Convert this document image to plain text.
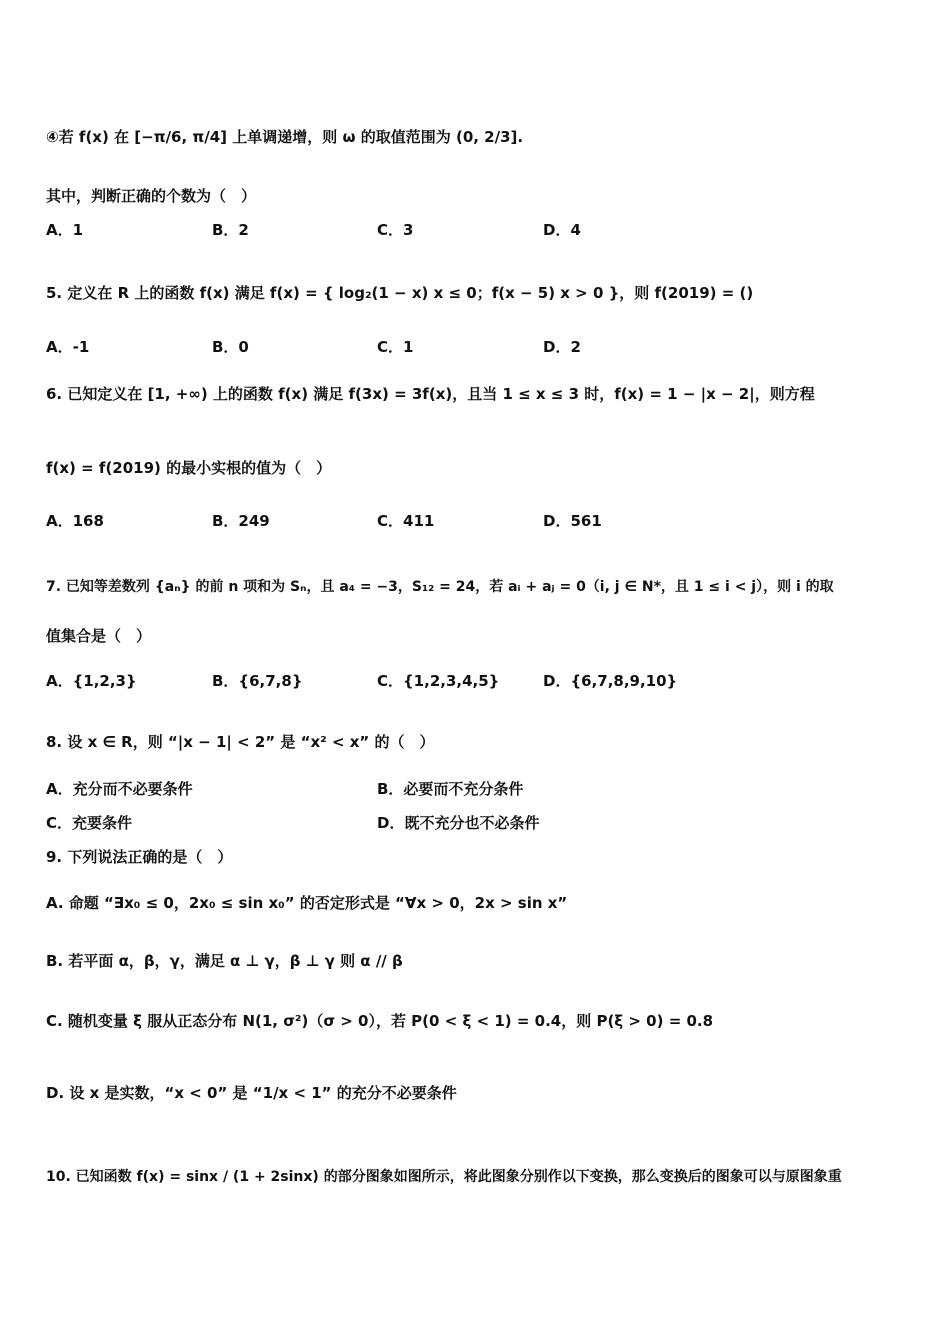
④若 f(x) 在 [−π/6, π/4] 上单调递增，则 ω 的取值范围为 (0, 2/3].
其中，判断正确的个数为（　）
A．1	B．2	C．3	D．4
5. 定义在 R 上的函数 f(x) 满足 f(x) = { log₂(1 − x) x ≤ 0；f(x − 5) x > 0 }，则 f(2019) = ()
A．-1	B．0	C．1	D．2
6. 已知定义在 [1, +∞) 上的函数 f(x) 满足 f(3x) = 3f(x)，且当 1 ≤ x ≤ 3 时，f(x) = 1 − |x − 2|，则方程
f(x) = f(2019) 的最小实根的值为（　）
A．168	B．249	C．411	D．561
7. 已知等差数列 {aₙ} 的前 n 项和为 Sₙ，且 a₄ = −3，S₁₂ = 24，若 aᵢ + aⱼ = 0（i, j ∈ N*，且 1 ≤ i < j），则 i 的取
值集合是（　）
A．{1,2,3}	B．{6,7,8}	C．{1,2,3,4,5}	D．{6,7,8,9,10}
8. 设 x ∈ R，则 “|x − 1| < 2” 是 “x² < x” 的（　）
A．充分而不必要条件	B．必要而不充分条件
C．充要条件	D．既不充分也不必条件
9. 下列说法正确的是（　）
A. 命题 “∃x₀ ≤ 0，2x₀ ≤ sin x₀” 的否定形式是 “∀x > 0，2x > sin x”
B. 若平面 α，β，γ，满足 α ⊥ γ，β ⊥ γ 则 α // β
C. 随机变量 ξ 服从正态分布 N(1, σ²)（σ > 0），若 P(0 < ξ < 1) = 0.4，则 P(ξ > 0) = 0.8
D. 设 x 是实数，“x < 0” 是 “1/x < 1” 的充分不必要条件
10. 已知函数 f(x) = sinx / (1 + 2sinx) 的部分图象如图所示，将此图象分别作以下变换，那么变换后的图象可以与原图象重
